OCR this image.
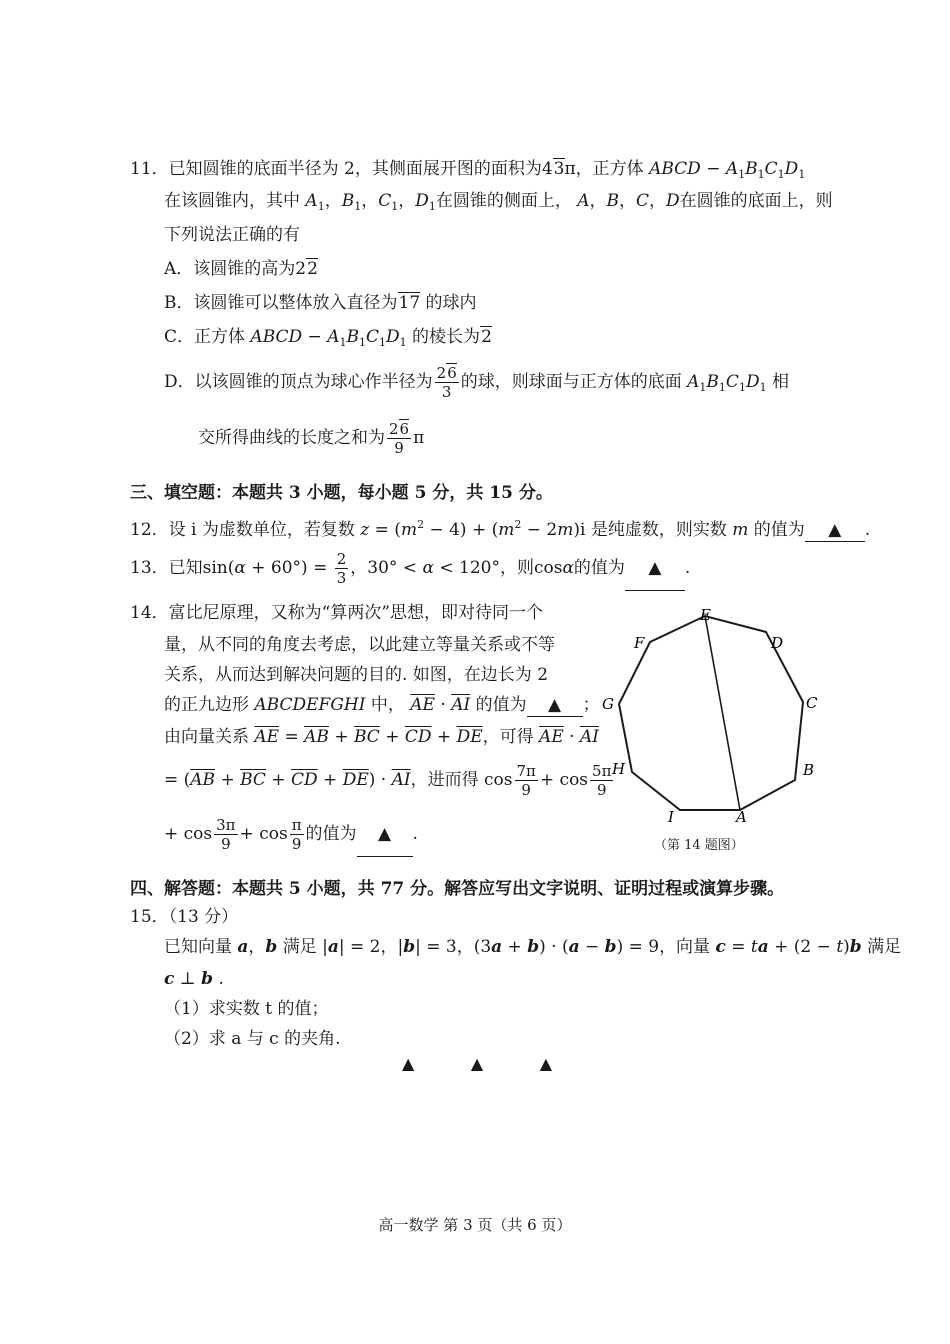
11．已知圆锥的底面半径为 2，其侧面展开图的面积为43π，正方体 ABCD − $A_1B_1C_1D_1$
在该圆锥内，其中 $A_1$，$B_1$，$C_1$，$D_1$在圆锥的侧面上， A，B，C，D在圆锥的底面上，则
下列说法正确的有
A．该圆锥的高为22
B．该圆锥可以整体放入直径为17 的球内
C．正方体 ABCD − $A_1B_1C_1D_1$ 的棱长为2
D．以该圆锥的顶点为球心作半径为 $\frac{26}{3}$ 的球，则球面与正方体的底面 $A_1B_1C_1D_1$ 相
交所得曲线的长度之和为 $\frac{26}{9}$ π
三、填空题：本题共 3 小题，每小题 5 分，共 15 分。
12．设 i 为虚数单位，若复数 $z = (m^2 - 4) + (m^2 - 2m)i$ 是纯虚数，则实数 m 的值为 ▲ .
13．已知$\sin(\alpha + 60^\circ) = \frac{2}{3}$ ，30° < α < 120°，则cosα的值为 ▲ .
14．富比尼原理，又称为“算两次”思想，即对待同一个
量，从不同的角度去考虑，以此建立等量关系或不等
关系，从而达到解决问题的目的. 如图，在边长为 2
的正九边形 ABCDEFGHI 中， $\overline{AE} \cdot \overline{AI}$ 的值为 ▲ ；
由向量关系 $\overline{AE} = \overline{AB} + \overline{BC} + \overline{CD} + \overline{DE}$，可得 $\overline{AE} \cdot \overline{AI}$
= $(\overline{AB} + \overline{BC} + \overline{CD} + \overline{DE}) \cdot \overline{AI}$，进而得 $\cos \frac{7\pi}{9} + \cos \frac{5\pi}{9}$
+ $\cos \frac{3\pi}{9} + \cos \frac{\pi}{9}$ 的值为 ▲ .
A
B
C
D
E
F
G
H
I
（第 14 题图）
四、解答题：本题共 5 小题，共 77 分。解答应写出文字说明、证明过程或演算步骤。
15．（13 分）
已知向量 a，b 满足 |a| = 2，|b| = 3，(3a + b) · (a − b) = 9，向量 c = ta + (2 − t)b 满足
c ⊥ b .
（1）求实数 t 的值；
（2）求 a 与 c 的夹角.
▲	▲	▲
高一数学 第 3 页（共 6 页）
